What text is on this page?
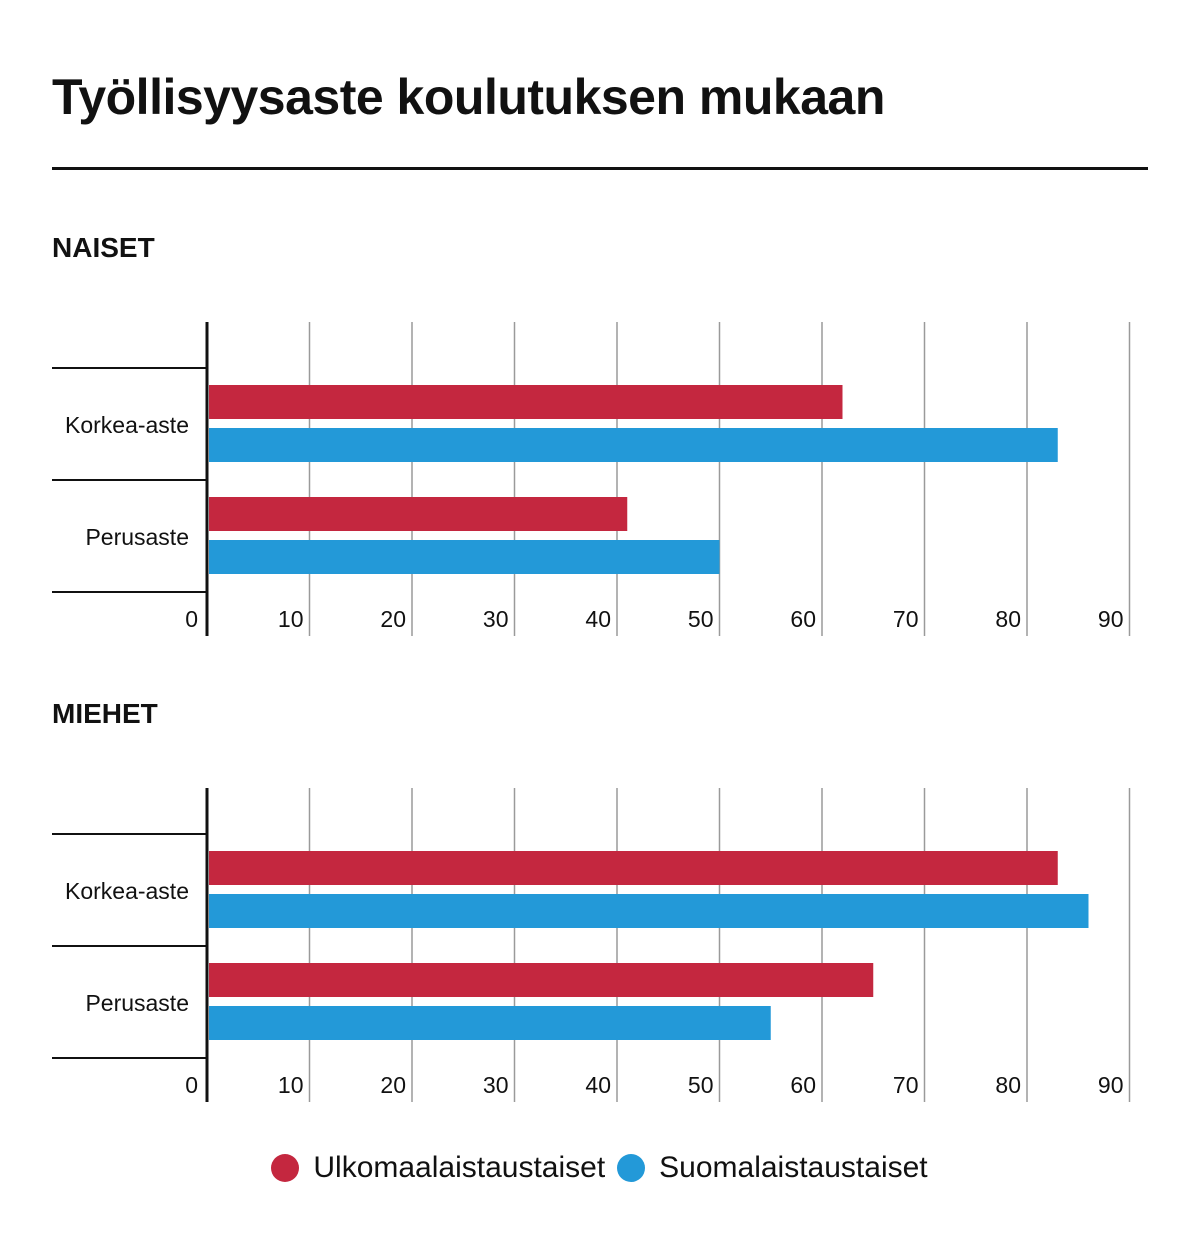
Työllisyysaste koulutuksen mukaan
NAISET
Korkea-aste
Perusaste
0	10	20	30	40	50	60	70	80	90
MIEHET
Korkea-aste
Perusaste
0	10	20	30	40	50	60	70	80	90
Ulkomaalaistaustaiset Suomalaistaustaiset
